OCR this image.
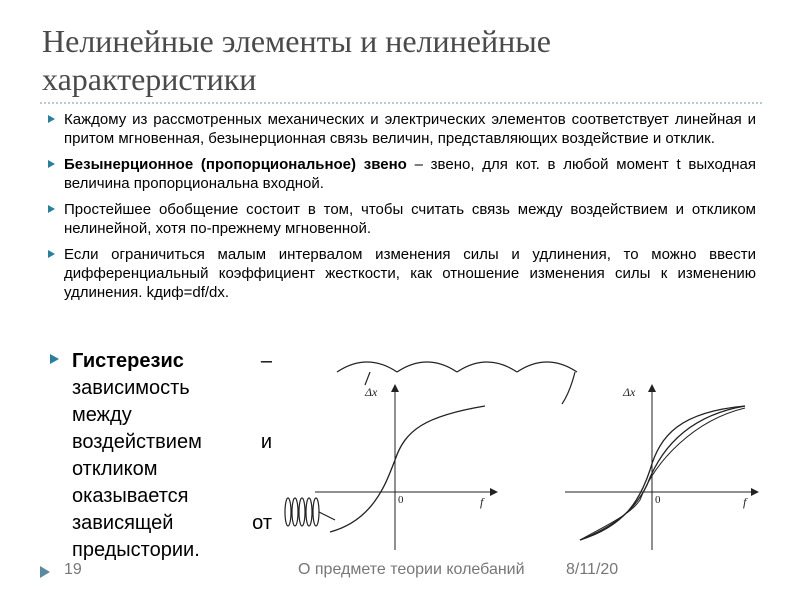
Нелинейные элементы и нелинейные характеристики
Каждому из рассмотренных механических и электрических элементов соответствует линейная и притом мгновенная, безынерционная связь величин, представляющих воздействие и отклик.
Безынерционное (пропорциональное) звено – звено, для кот. в любой момент t выходная величина пропорциональна входной.
Простейшее обобщение состоит в том, чтобы считать связь между воздействием и откликом нелинейной, хотя по-прежнему мгновенной.
Если ограничиться малым интервалом изменения силы и удлинения, то можно ввести дифференциальный коэффициент жесткости, как отношение изменения силы к изменению удлинения. kдиф=df/dx.
Гистерезис	–
зависимость
между
воздействием	и
откликом
оказывается
зависящей	от
предыстории.
Δx
f
0
Δx
f
0
19	О предмете теории колебаний	8/11/20
